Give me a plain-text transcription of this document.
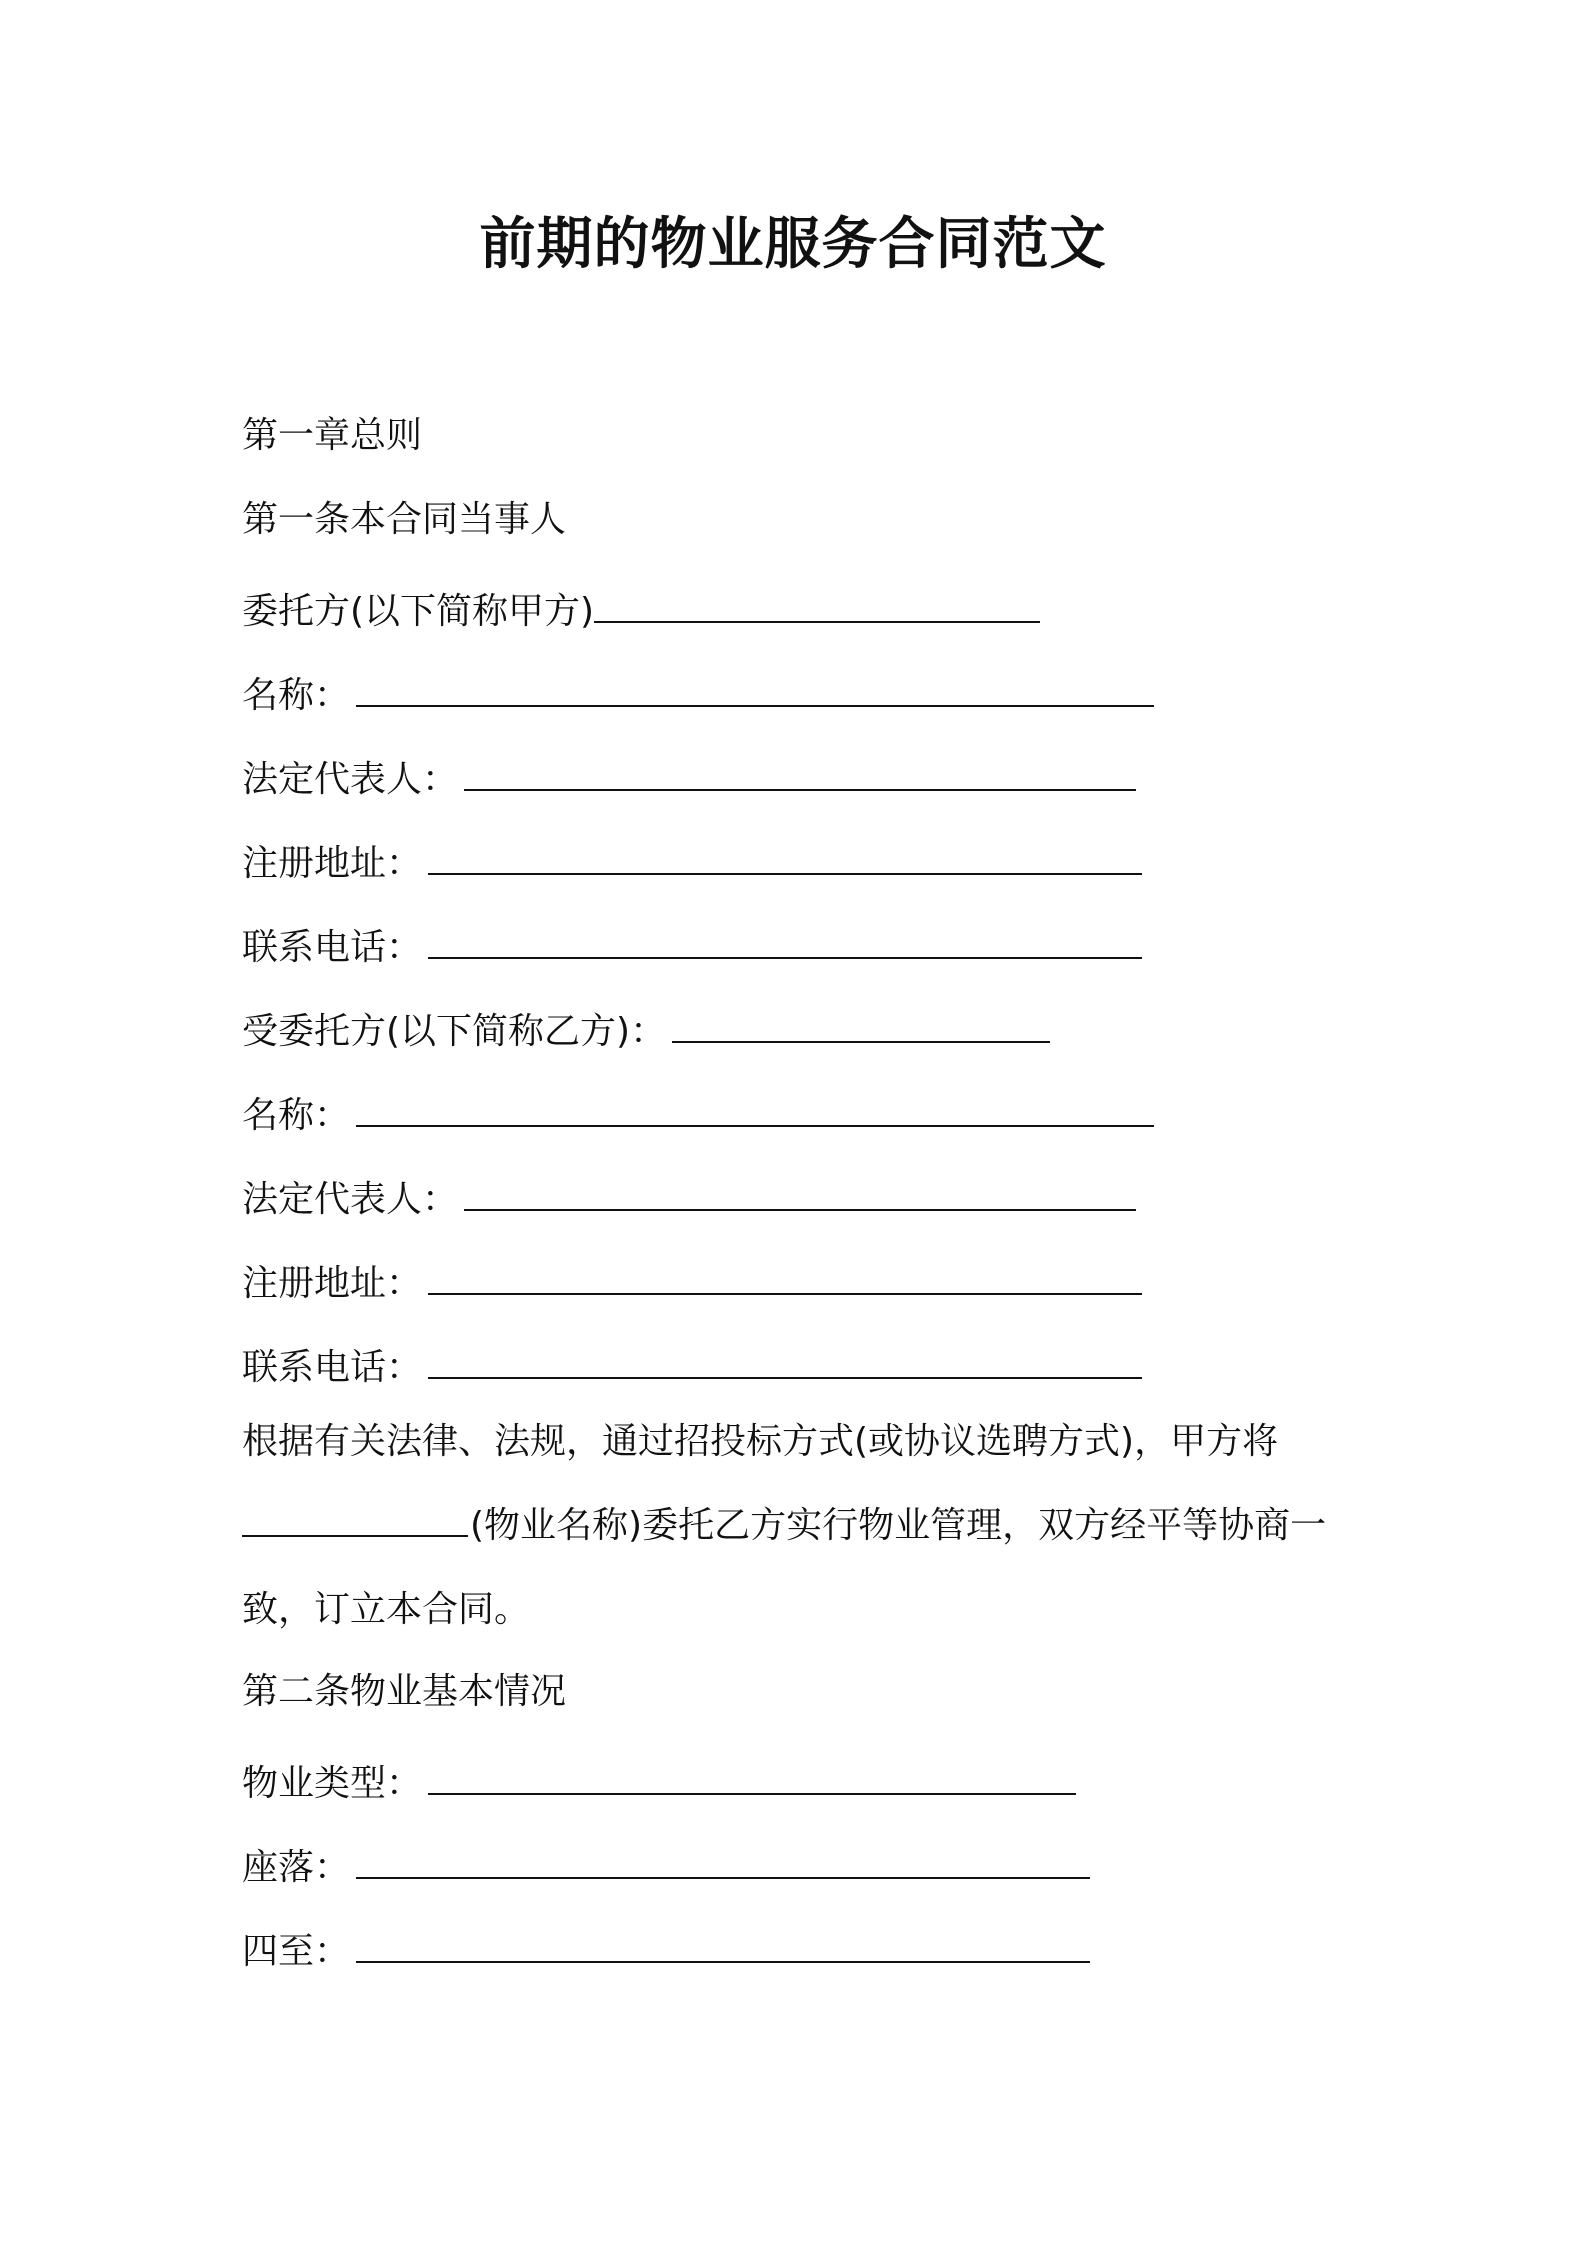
前期的物业服务合同范文

第一章总则

第一条本合同当事人

委托方(以下简称甲方)

名称：

法定代表人：

注册地址：

联系电话：

受委托方(以下简称乙方)：

名称：

法定代表人：

注册地址：

联系电话：

根据有关法律、法规，通过招投标方式(或协议选聘方式)，甲方将

(物业名称)委托乙方实行物业管理，双方经平等协商一

致，订立本合同。

第二条物业基本情况

物业类型：

座落：

四至：
